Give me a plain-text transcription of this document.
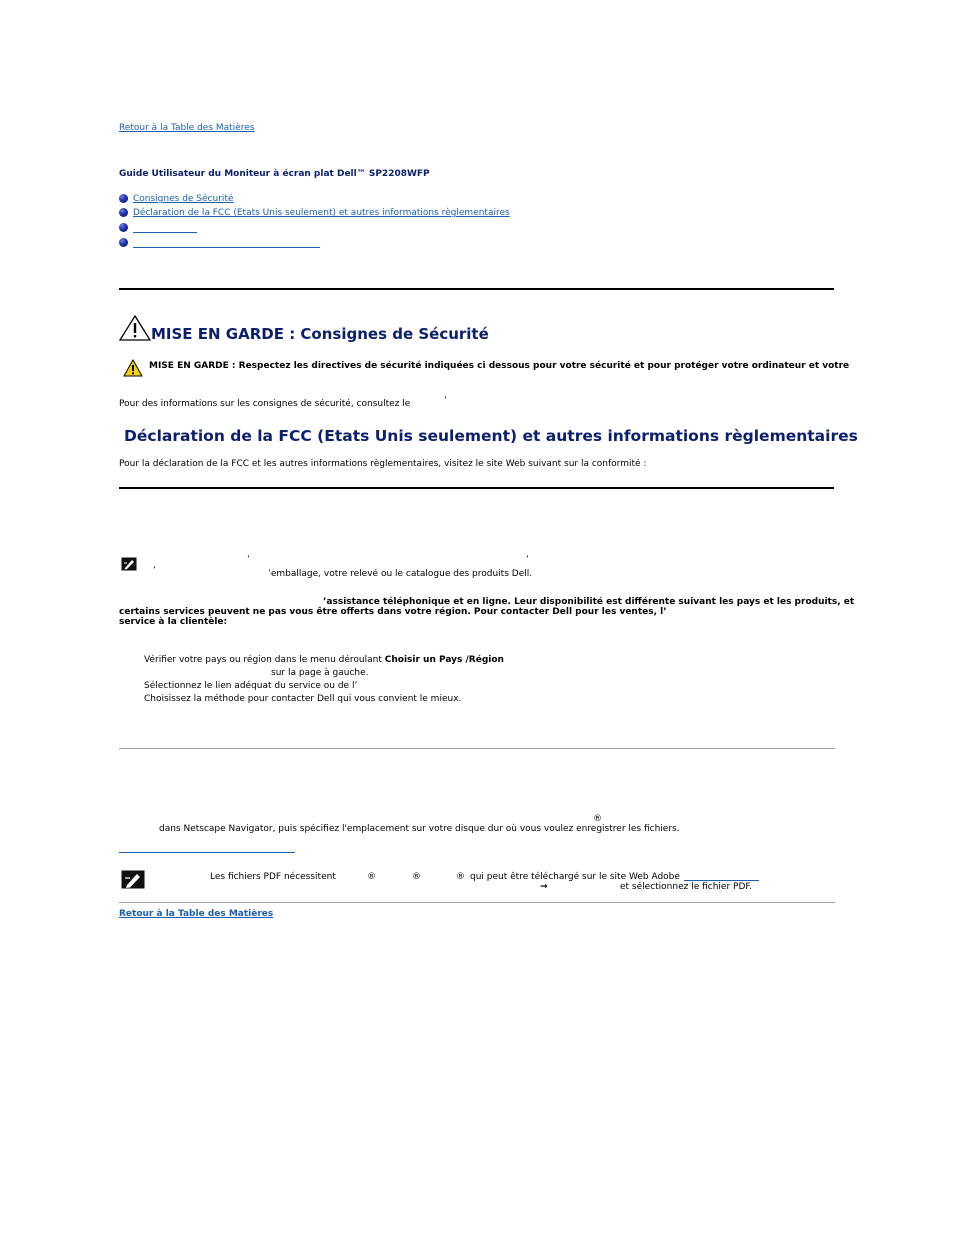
Retour à la Table des Matières
Guide Utilisateur du Moniteur à écran plat Dell™ SP2208WFP
Consignes de Sécurité
Déclaration de la FCC (Etats Unis seulement) et autres informations règlementaires
MISE EN GARDE : Consignes de Sécurité
MISE EN GARDE : Respectez les directives de sécurité indiquées ci dessous pour votre sécurité et pour protéger votre ordinateur et votre
Pour des informations sur les consignes de sécurité, consultez le	’
Déclaration de la FCC (Etats Unis seulement) et autres informations règlementaires
Pour la déclaration de la FCC et les autres informations règlementaires, visitez le site Web suivant sur la conformité :
’	’
’	’emballage, votre relevé ou le catalogue des produits Dell.
’assistance téléphonique et en ligne. Leur disponibilité est différente suivant les pays et les produits, et
certains services peuvent ne pas vous être offerts dans votre région. Pour contacter Dell pour les ventes, l’
service à la clientèle:
Vérifier votre pays ou région dans le menu déroulant Choisir un Pays /Région
sur la page à gauche.
Sélectionnez le lien adéquat du service ou de l’
Choisissez la méthode pour contacter Dell qui vous convient le mieux.
®
dans Netscape Navigator, puis spécifiez l'emplacement sur votre disque dur où vous voulez enregistrer les fichiers.
Les fichiers PDF nécessitent	®	®	® qui peut être téléchargé sur le site Web Adobe
→	et sélectionnez le fichier PDF.
Retour à la Table des Matières
